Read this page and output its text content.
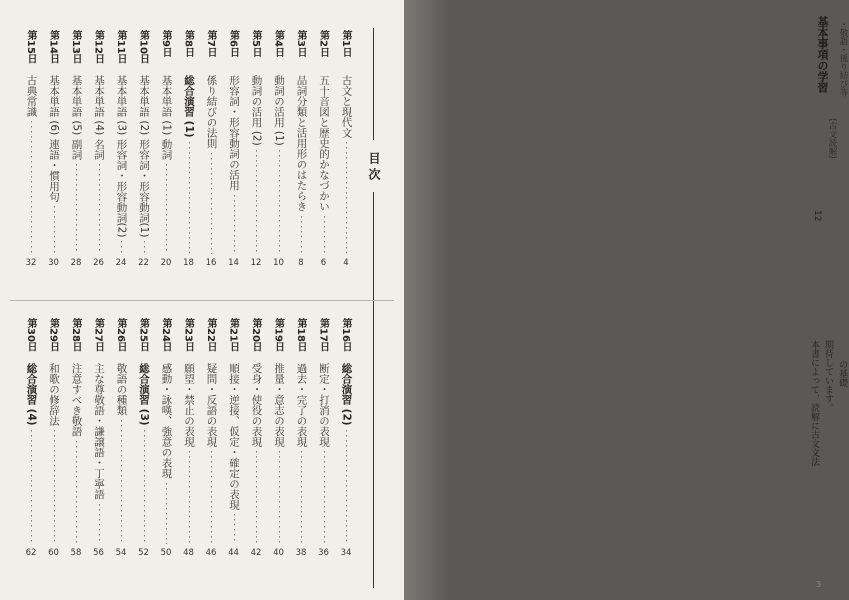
目 次
第1日
古文と現代文
4
第2日
五十音図と歴史的かなづかい
6
第3日
品詞分類と活用形のはたらき
8
第4日
動詞の活用 (1)
10
第5日
動詞の活用 (2)
12
第6日
形容詞・形容動詞の活用
14
第7日
係り結びの法則
16
第8日
総合演習 (1)
18
第9日
基本単語 (1) 動詞
20
第10日
基本単語 (2) 形容詞・形容動詞(1)
22
第11日
基本単語 (3) 形容詞・形容動詞(2)
24
第12日
基本単語 (4) 名詞
26
第13日
基本単語 (5) 副詞
28
第14日
基本単語 (6) 連語・慣用句
30
第15日
古典常識
32
第16日
総合演習 (2)
34
第17日
断定・打消の表現
36
第18日
過去・完了の表現
38
第19日
推量・意志の表現
40
第20日
受身・使役の表現
42
第21日
順接・逆接、仮定・確定の表現
44
第22日
疑問・反語の表現
46
第23日
願望・禁止の表現
48
第24日
感動・詠嘆、強意の表現
50
第25日
総合演習 (3)
52
第26日
敬語の種類
54
第27日
主な尊敬語・謙譲語・丁寧語
56
第28日
注意すべき敬語
58
第29日
和歌の修辞法
60
第30日
総合演習 (4)
62
基本事項の学習
(古文読解)
・敬語・係り結び等
12
本書によって、読解に古文文法 期待しています。 の基礎
3
